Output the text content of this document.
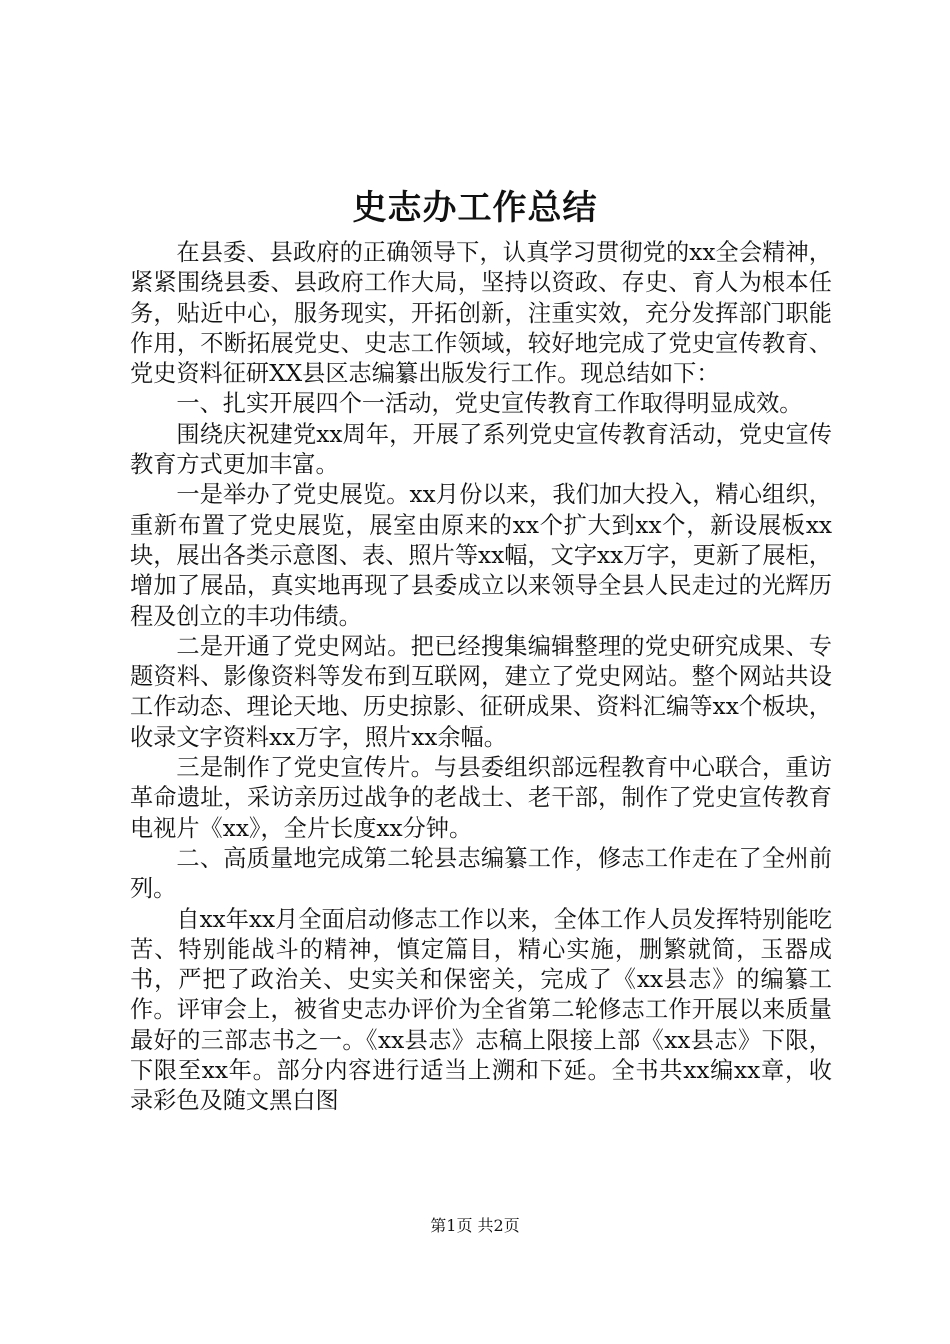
史志办工作总结

在县委、县政府的正确领导下，认真学习贯彻党的xx全会精神，紧紧围绕县委、县政府工作大局，坚持以资政、存史、育人为根本任务，贴近中心，服务现实，开拓创新，注重实效，充分发挥部门职能作用，不断拓展党史、史志工作领域，较好地完成了党史宣传教育、党史资料征研XX县区志编纂出版发行工作。现总结如下：

一、扎实开展四个一活动，党史宣传教育工作取得明显成效。

围绕庆祝建党xx周年，开展了系列党史宣传教育活动，党史宣传教育方式更加丰富。

一是举办了党史展览。xx月份以来，我们加大投入，精心组织，重新布置了党史展览，展室由原来的xx个扩大到xx个，新设展板xx块，展出各类示意图、表、照片等xx幅，文字xx万字，更新了展柜，增加了展品，真实地再现了县委成立以来领导全县人民走过的光辉历程及创立的丰功伟绩。

二是开通了党史网站。把已经搜集编辑整理的党史研究成果、专题资料、影像资料等发布到互联网，建立了党史网站。整个网站共设工作动态、理论天地、历史掠影、征研成果、资料汇编等xx个板块，收录文字资料xx万字，照片xx余幅。

三是制作了党史宣传片。与县委组织部远程教育中心联合，重访革命遗址，采访亲历过战争的老战士、老干部，制作了党史宣传教育电视片《xx》，全片长度xx分钟。

二、高质量地完成第二轮县志编纂工作，修志工作走在了全州前列。

自xx年xx月全面启动修志工作以来，全体工作人员发挥特别能吃苦、特别能战斗的精神，慎定篇目，精心实施，删繁就简，玉器成书，严把了政治关、史实关和保密关，完成了《xx县志》的编纂工作。评审会上，被省史志办评价为全省第二轮修志工作开展以来质量最好的三部志书之一。《xx县志》志稿上限接上部《xx县志》下限，下限至xx年。部分内容进行适当上溯和下延。全书共xx编xx章，收录彩色及随文黑白图

第1页 共2页
